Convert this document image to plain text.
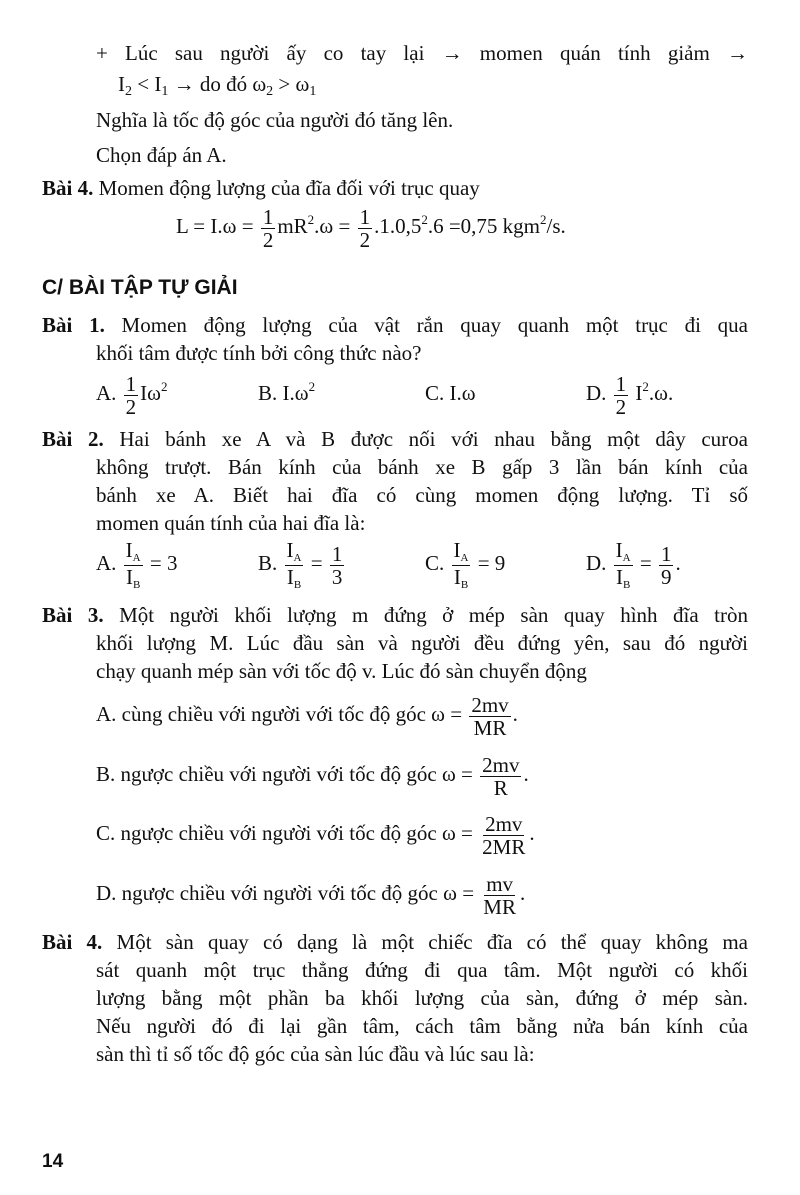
+ Lúc sau người ấy co tay lại → momen quán tính giảm →
$I_2 < I_1$ → do đó $\omega_2 > \omega_1$
Nghĩa là tốc độ góc của người đó tăng lên.
Chọn đáp án A.
Bài 4. Momen động lượng của đĩa đối với trục quay
$L = I.\omega = \frac{1}{2} mR^2.\omega = \frac{1}{2} .1.0,5^2.6 =0,75$ kgm$^2$/s.
C/ BÀI TẬP TỰ GIẢI
Bài 1. Momen động lượng của vật rắn quay quanh một trục đi qua
khối tâm được tính bởi công thức nào?
A. $\frac{1}{2} I\omega^2$	B. $I.\omega^2$	C. I.ω	D. $\frac{1}{2} I^2.\omega$.
Bài 2. Hai bánh xe A và B được nối với nhau bằng một dây curoa
không trượt. Bán kính của bánh xe B gấp 3 lần bán kính của
bánh xe A. Biết hai đĩa có cùng momen động lượng. Tỉ số
momen quán tính của hai đĩa là:
A. $\frac{IA}{IB} = 3$	B. $\frac{IA}{IB} = \frac{1}{3}$	C. $\frac{IA}{IB} = 9$	D. $\frac{IA}{IB} = \frac{1}{9}$ .
Bài 3. Một người khối lượng m đứng ở mép sàn quay hình đĩa tròn
khối lượng M. Lúc đầu sàn và người đều đứng yên, sau đó người
chạy quanh mép sàn với tốc độ v. Lúc đó sàn chuyển động
A. cùng chiều với người với tốc độ góc $\omega = \frac{2mv}{MR}$ .
B. ngược chiều với người với tốc độ góc $\omega = \frac{2mv}{R}$ .
C. ngược chiều với người với tốc độ góc $\omega = \frac{2mv}{2MR}$ .
D. ngược chiều với người với tốc độ góc $\omega = \frac{mv}{MR}$ .
Bài 4. Một sàn quay có dạng là một chiếc đĩa có thể quay không ma
sát quanh một trục thẳng đứng đi qua tâm. Một người có khối
lượng bằng một phần ba khối lượng của sàn, đứng ở mép sàn.
Nếu người đó đi lại gần tâm, cách tâm bằng nửa bán kính của
sàn thì tỉ số tốc độ góc của sàn lúc đầu và lúc sau là:
14
